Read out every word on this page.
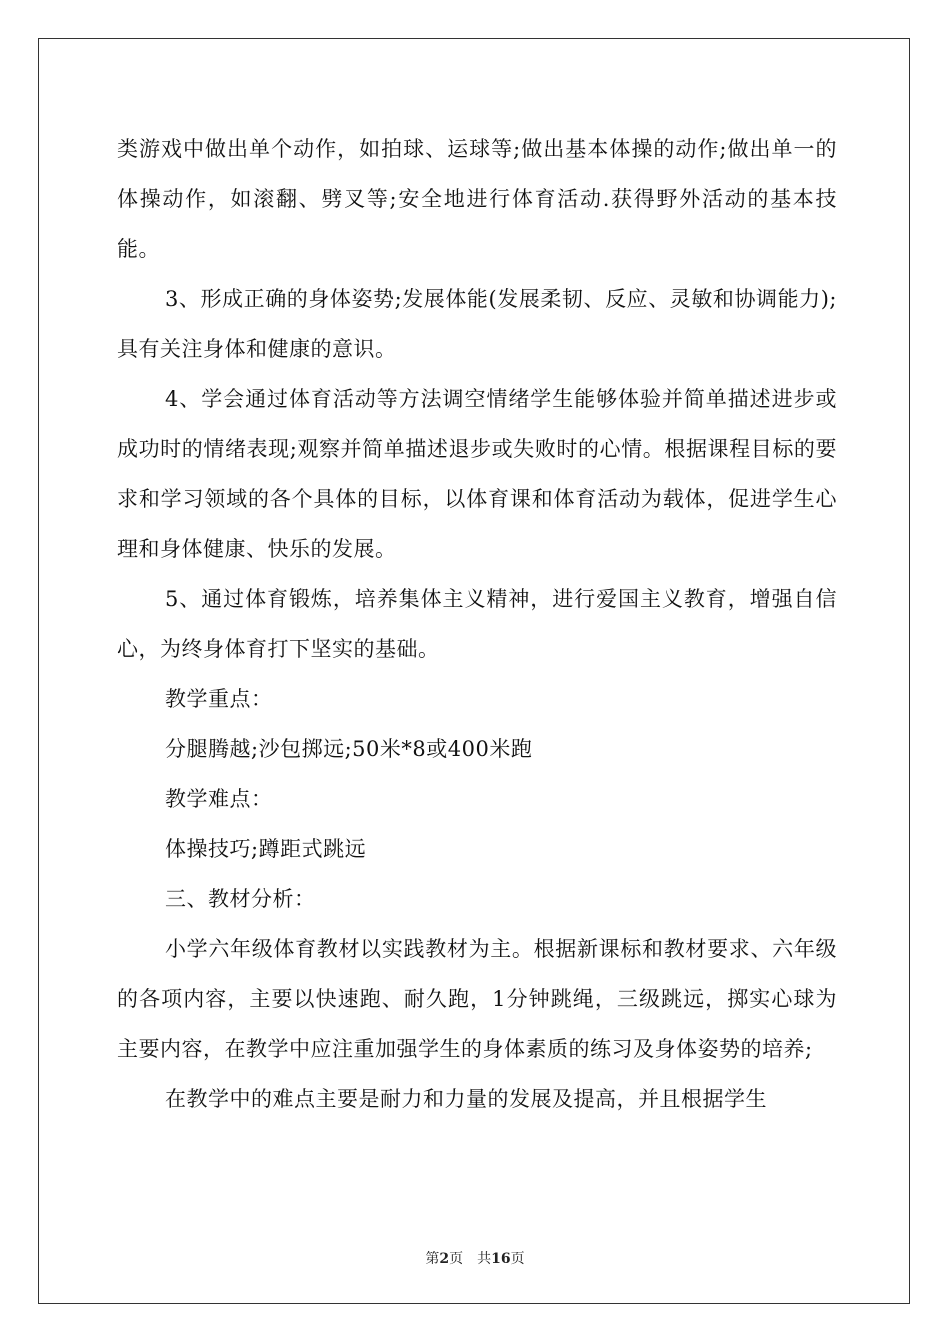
类游戏中做出单个动作，如拍球、运球等;做出基本体操的动作;做出单一的体操动作，如滚翻、劈叉等;安全地进行体育活动.获得野外活动的基本技能。

3、形成正确的身体姿势;发展体能(发展柔韧、反应、灵敏和协调能力);具有关注身体和健康的意识。

4、学会通过体育活动等方法调空情绪学生能够体验并简单描述进步或成功时的情绪表现;观察并简单描述退步或失败时的心情。根据课程目标的要求和学习领域的各个具体的目标，以体育课和体育活动为载体，促进学生心理和身体健康、快乐的发展。

5、通过体育锻炼，培养集体主义精神，进行爱国主义教育，增强自信心，为终身体育打下坚实的基础。

教学重点：

分腿腾越;沙包掷远;50米*8或400米跑

教学难点：

体操技巧;蹲距式跳远

三、教材分析：

小学六年级体育教材以实践教材为主。根据新课标和教材要求、六年级的各项内容，主要以快速跑、耐久跑，1分钟跳绳，三级跳远，掷实心球为主要内容，在教学中应注重加强学生的身体素质的练习及身体姿势的培养;

在教学中的难点主要是耐力和力量的发展及提高，并且根据学生

第2页 共16页
